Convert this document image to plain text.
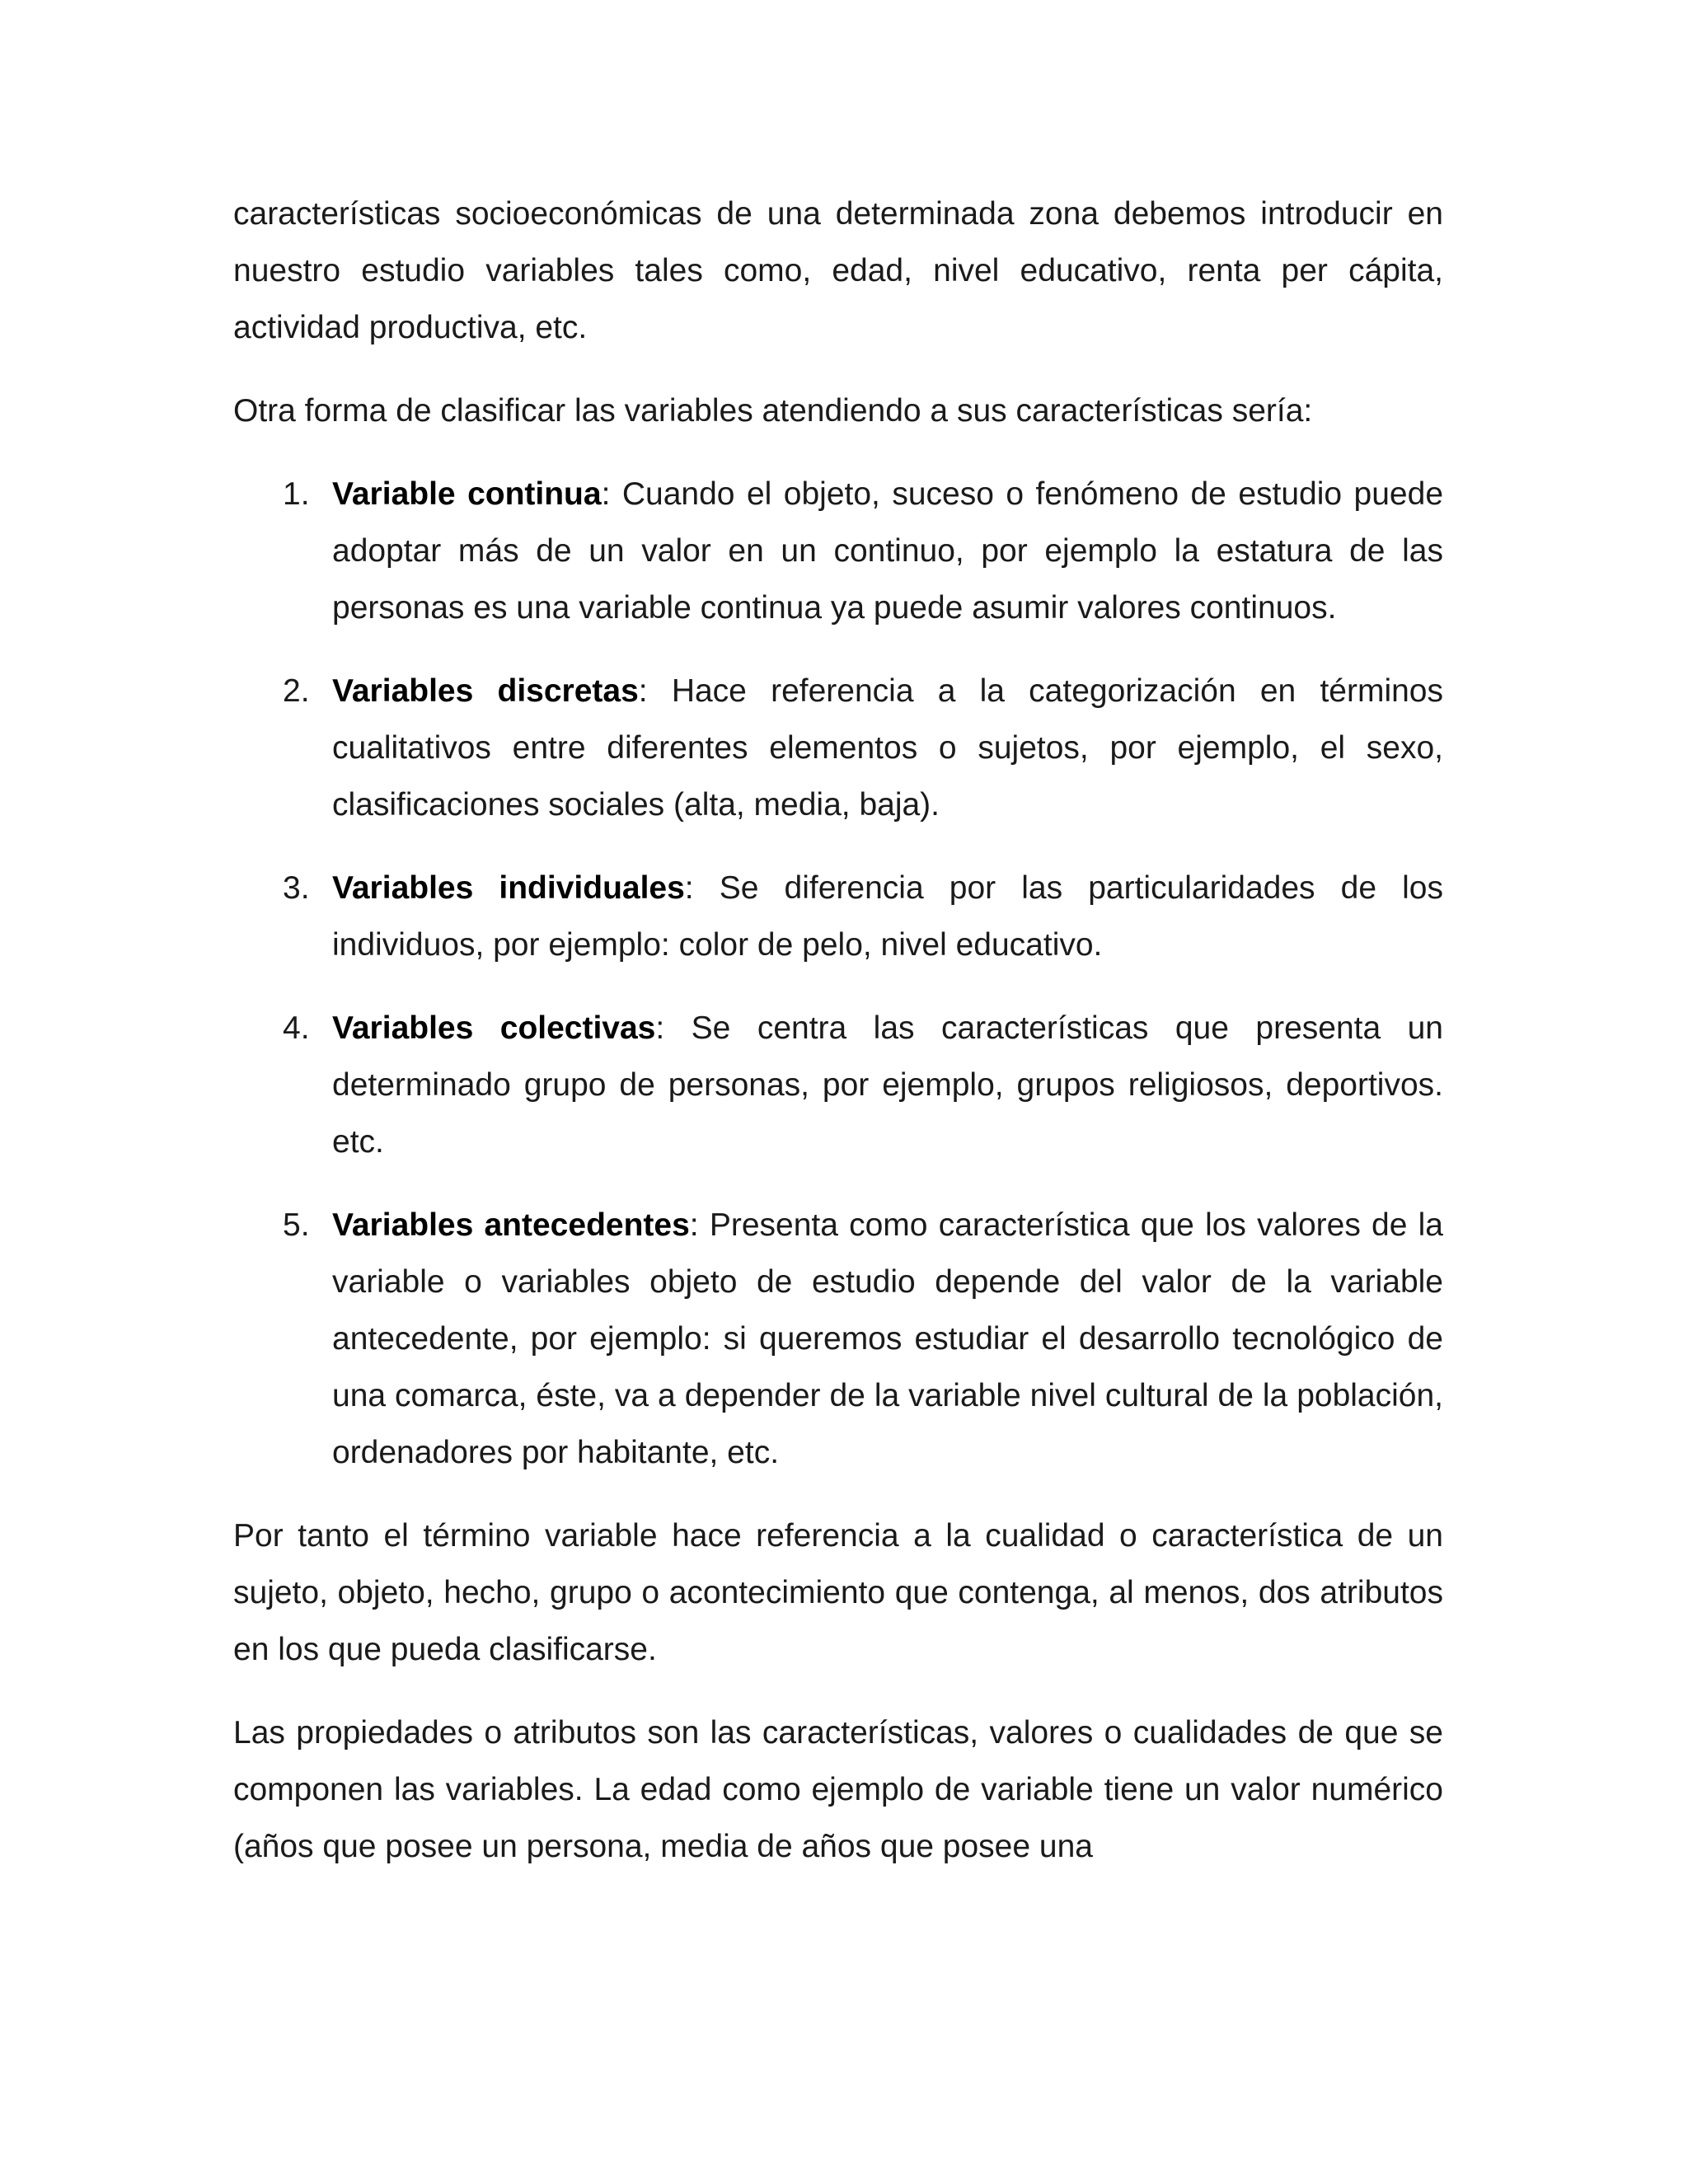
características socioeconómicas de una determinada zona debemos introducir en nuestro estudio variables tales como, edad, nivel educativo, renta per cápita, actividad productiva, etc.

Otra forma de clasificar las variables atendiendo a sus características sería:

1. Variable continua: Cuando el objeto, suceso o fenómeno de estudio puede adoptar más de un valor en un continuo, por ejemplo la estatura de las personas es una variable continua ya puede asumir valores continuos.
2. Variables discretas: Hace referencia a la categorización en términos cualitativos entre diferentes elementos o sujetos, por ejemplo, el sexo, clasificaciones sociales (alta, media, baja).
3. Variables individuales: Se diferencia por las particularidades de los individuos, por ejemplo: color de pelo, nivel educativo.
4. Variables colectivas: Se centra las características que presenta un determinado grupo de personas, por ejemplo, grupos religiosos, deportivos. etc.
5. Variables antecedentes: Presenta como característica que los valores de la variable o variables objeto de estudio depende del valor de la variable antecedente, por ejemplo: si queremos estudiar el desarrollo tecnológico de una comarca, éste, va a depender de la variable nivel cultural de la población, ordenadores por habitante, etc.

Por tanto el término variable hace referencia a la cualidad o característica de un sujeto, objeto, hecho, grupo o acontecimiento que contenga, al menos, dos atributos en los que pueda clasificarse.

Las propiedades o atributos son las características, valores o cualidades de que se componen las variables. La edad como ejemplo de variable tiene un valor numérico (años que posee un persona, media de años que posee una
